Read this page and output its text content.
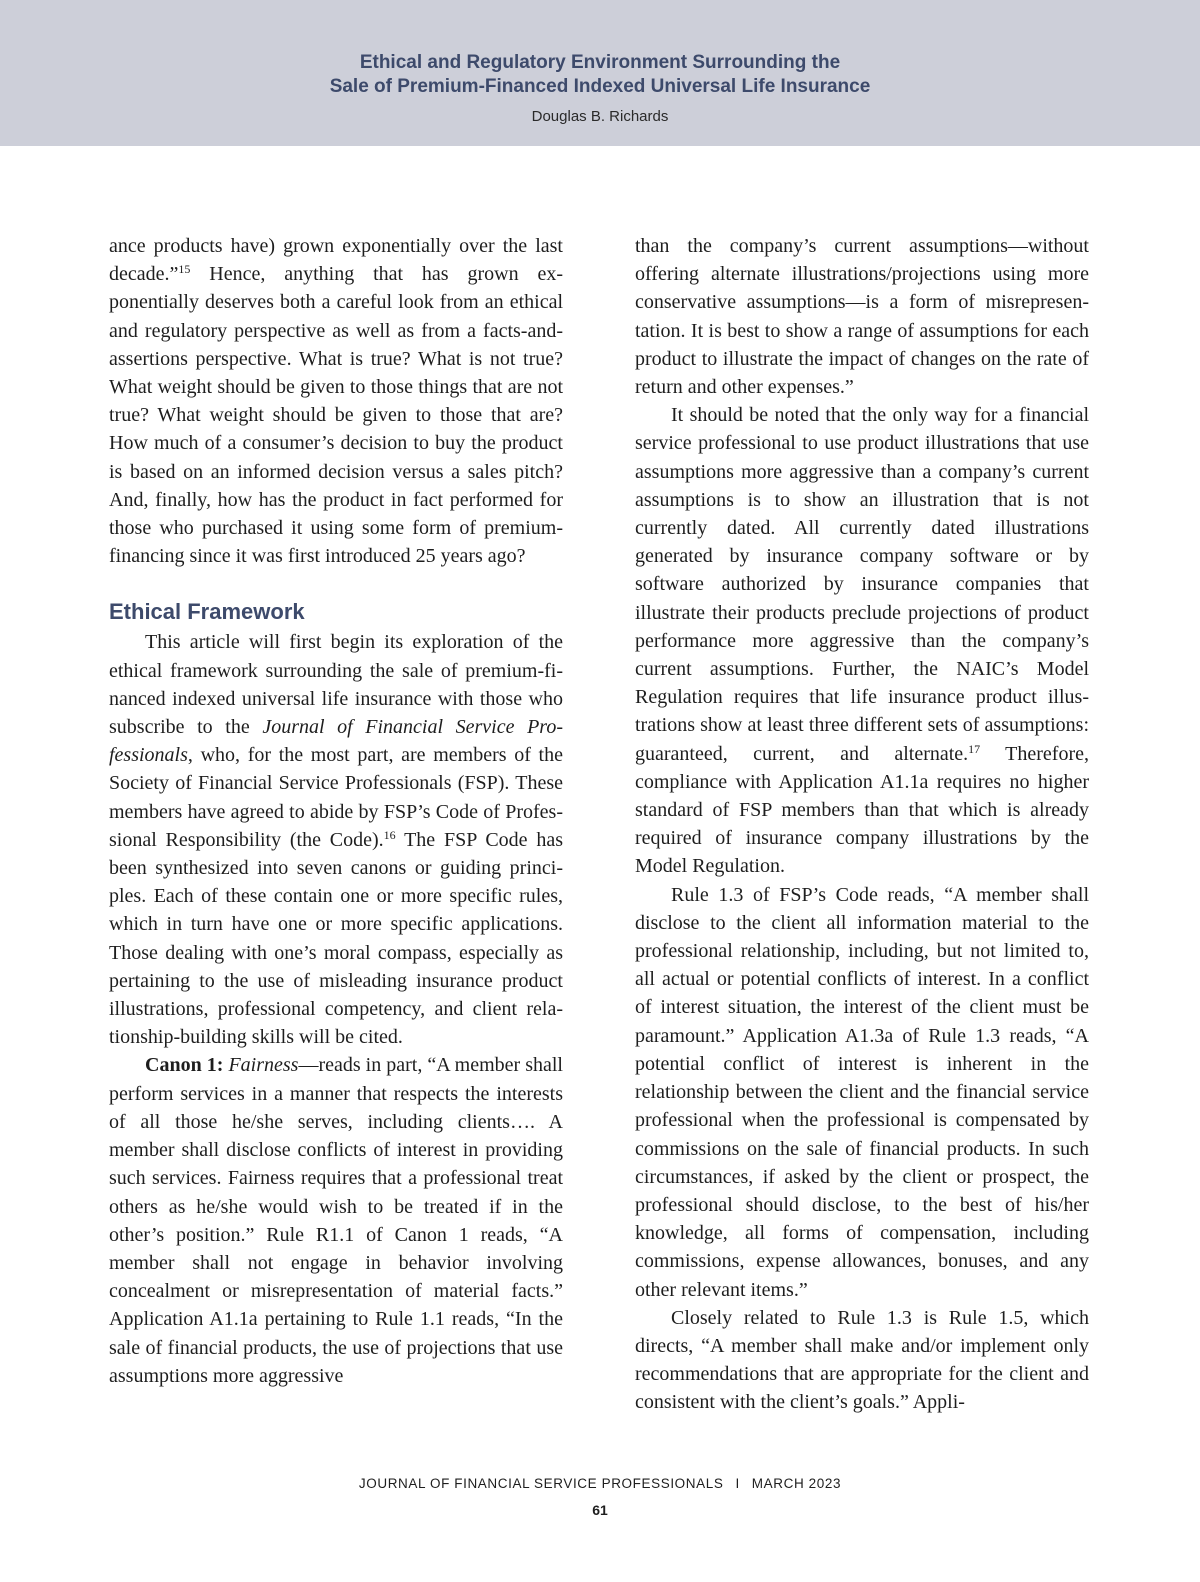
Ethical and Regulatory Environment Surrounding the
Sale of Premium-Financed Indexed Universal Life Insurance
Douglas B. Richards

ance products have) grown exponentially over the last decade.”$^{15}$ Hence, anything that has grown exponentially deserves both a careful look from an ethical and regulatory perspective as well as from a facts-and-assertions perspective. What is true? What is not true? What weight should be given to those things that are not true? What weight should be given to those that are? How much of a consumer’s decision to buy the product is based on an informed decision versus a sales pitch? And, finally, how has the product in fact performed for those who purchased it using some form of premium-financing since it was first introduced 25 years ago?

Ethical Framework

This article will first begin its exploration of the ethical framework surrounding the sale of premium-financed indexed universal life insurance with those who subscribe to the Journal of Financial Service Professionals, who, for the most part, are members of the Society of Financial Service Professionals (FSP). These members have agreed to abide by FSP’s Code of Professional Responsibility (the Code).$^{16}$ The FSP Code has been synthesized into seven canons or guiding principles. Each of these contain one or more specific rules, which in turn have one or more specific applications. Those dealing with one’s moral compass, especially as pertaining to the use of misleading insurance product illustrations, professional competency, and client relationship-building skills will be cited.

Canon 1: Fairness—reads in part, “A member shall perform services in a manner that respects the interests of all those he/she serves, including clients…. A member shall disclose conflicts of interest in providing such services. Fairness requires that a professional treat others as he/she would wish to be treated if in the other’s position.” Rule R1.1 of Canon 1 reads, “A member shall not engage in behavior involving concealment or misrepresentation of material facts.” Application A1.1a pertaining to Rule 1.1 reads, “In the sale of financial products, the use of projections that use assumptions more aggressive

than the company’s current assumptions—without offering alternate illustrations/projections using more conservative assumptions—is a form of misrepresentation. It is best to show a range of assumptions for each product to illustrate the impact of changes on the rate of return and other expenses.”

It should be noted that the only way for a financial service professional to use product illustrations that use assumptions more aggressive than a company’s current assumptions is to show an illustration that is not currently dated. All currently dated illustrations generated by insurance company software or by software authorized by insurance companies that illustrate their products preclude projections of product performance more aggressive than the company’s current assumptions. Further, the NAIC’s Model Regulation requires that life insurance product illustrations show at least three different sets of assumptions: guaranteed, current, and alternate.$^{17}$ Therefore, compliance with Application A1.1a requires no higher standard of FSP members than that which is already required of insurance company illustrations by the Model Regulation.

Rule 1.3 of FSP’s Code reads, “A member shall disclose to the client all information material to the professional relationship, including, but not limited to, all actual or potential conflicts of interest. In a conflict of interest situation, the interest of the client must be paramount.” Application A1.3a of Rule 1.3 reads, “A potential conflict of interest is inherent in the relationship between the client and the financial service professional when the professional is compensated by commissions on the sale of financial products. In such circumstances, if asked by the client or prospect, the professional should disclose, to the best of his/her knowledge, all forms of compensation, including commissions, expense allowances, bonuses, and any other relevant items.”

Closely related to Rule 1.3 is Rule 1.5, which directs, “A member shall make and/or implement only recommendations that are appropriate for the client and consistent with the client’s goals.” Appli-

JOURNAL OF FINANCIAL SERVICE PROFESSIONALS I MARCH 2023
61
